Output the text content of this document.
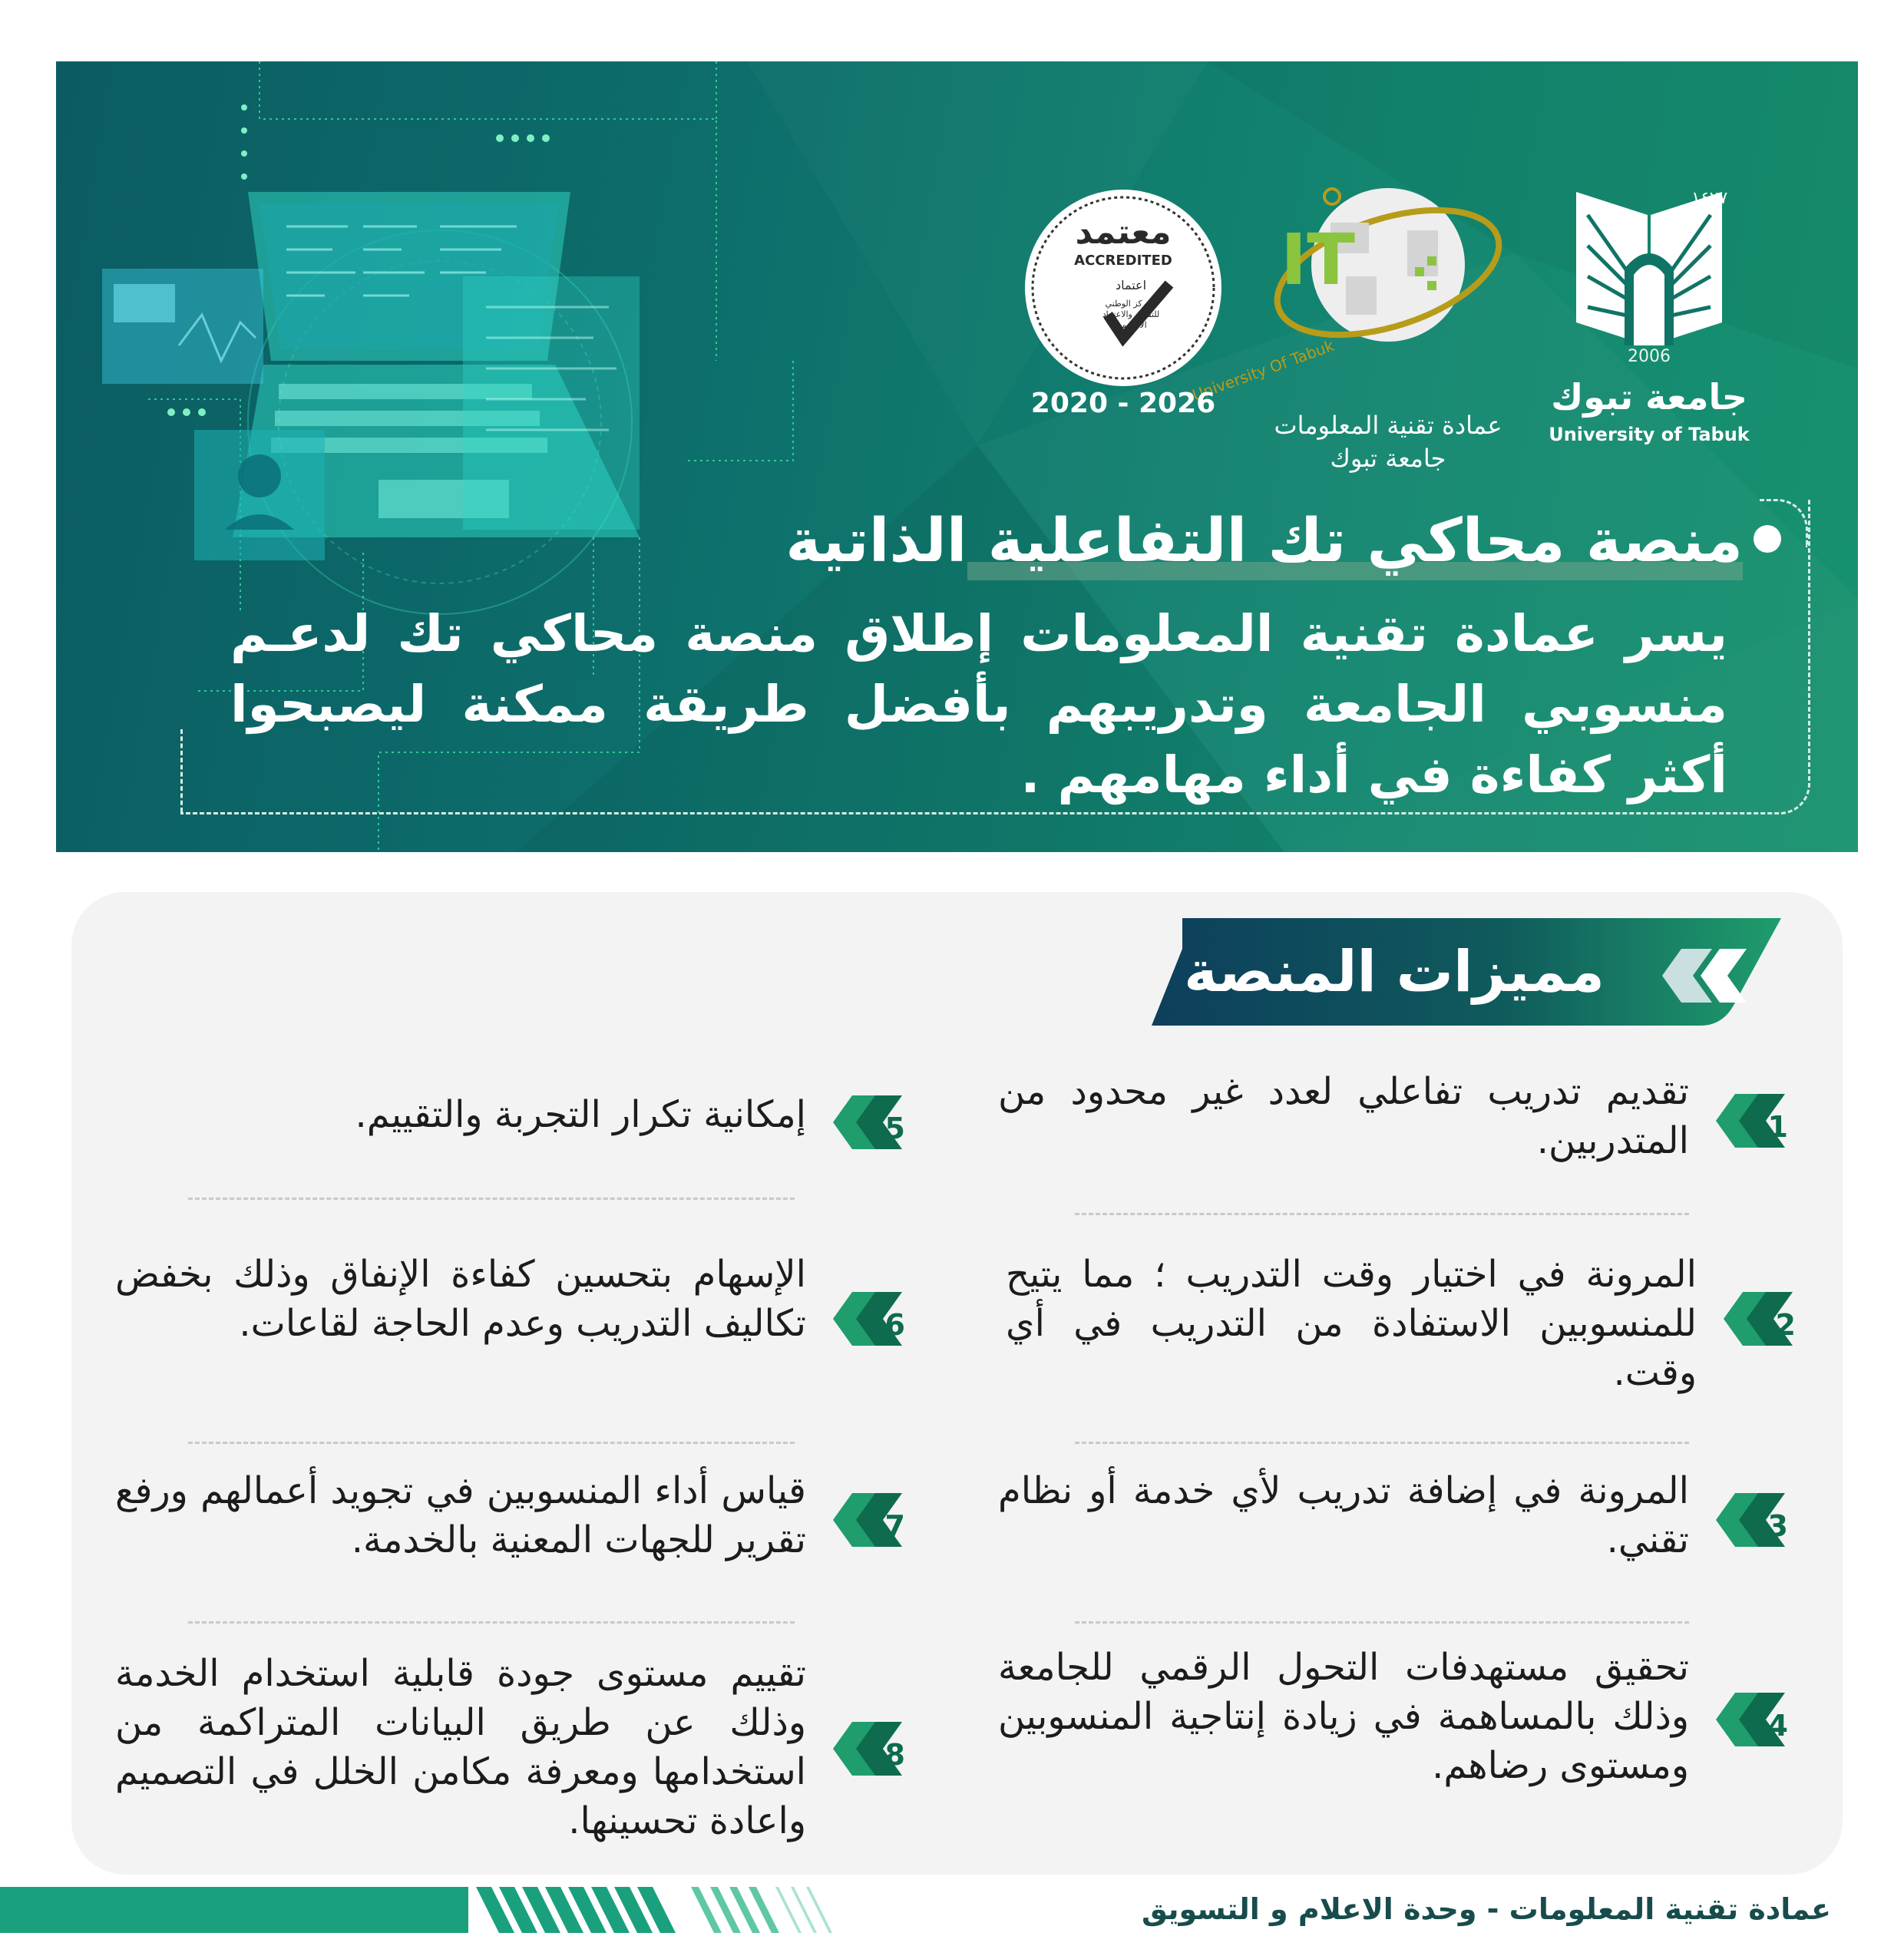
١٤٢٧
2006
جامعة تبوك
University of Tabuk
IT
University Of Tabuk
عمادة تقنية المعلومات
جامعة تبوك
معتمد
ACCREDITED
اعتماد
المركز الوطني
للتقويم والاعتماد
الأكاديمي
2020 - 2026
منصة محاكي تك التفاعلية الذاتية

يسر عمادة تقنية المعلومات إطلاق منصة محاكي تك لدعـم منسوبي الجامعة وتدريبهم بأفضل طريقة ممكنة ليصبحوا أكثر كفاءة في أداء مهامهم .

مميزات المنصة
01

تقديم تدريب تفاعلي لعدد غير محدود من المتدربين.

02

المرونة في اختيار وقت التدريب ؛ مما يتيح للمنسوبين الاستفادة من التدريب في أي وقت.

03

المرونة في إضافة تدريب لأي خدمة أو نظام تقني.

04

تحقيق مستهدفات التحول الرقمي للجامعة وذلك بالمساهمة في زيادة إنتاجية المنسوبين ومستوى رضاهم.

05

إمكانية تكرار التجربة والتقييم.

06

الإسهام بتحسين كفاءة الإنفاق وذلك بخفض تكاليف التدريب وعدم الحاجة لقاعات.

07

قياس أداء المنسوبين في تجويد أعمالهم ورفع تقرير للجهات المعنية بالخدمة.

08

تقييم مستوى جودة قابلية استخدام الخدمة وذلك عن طريق البيانات المتراكمة من استخدامها ومعرفة مكامن الخلل في التصميم واعادة تحسينها.

عمادة تقنية المعلومات - وحدة الاعلام و التسويق
